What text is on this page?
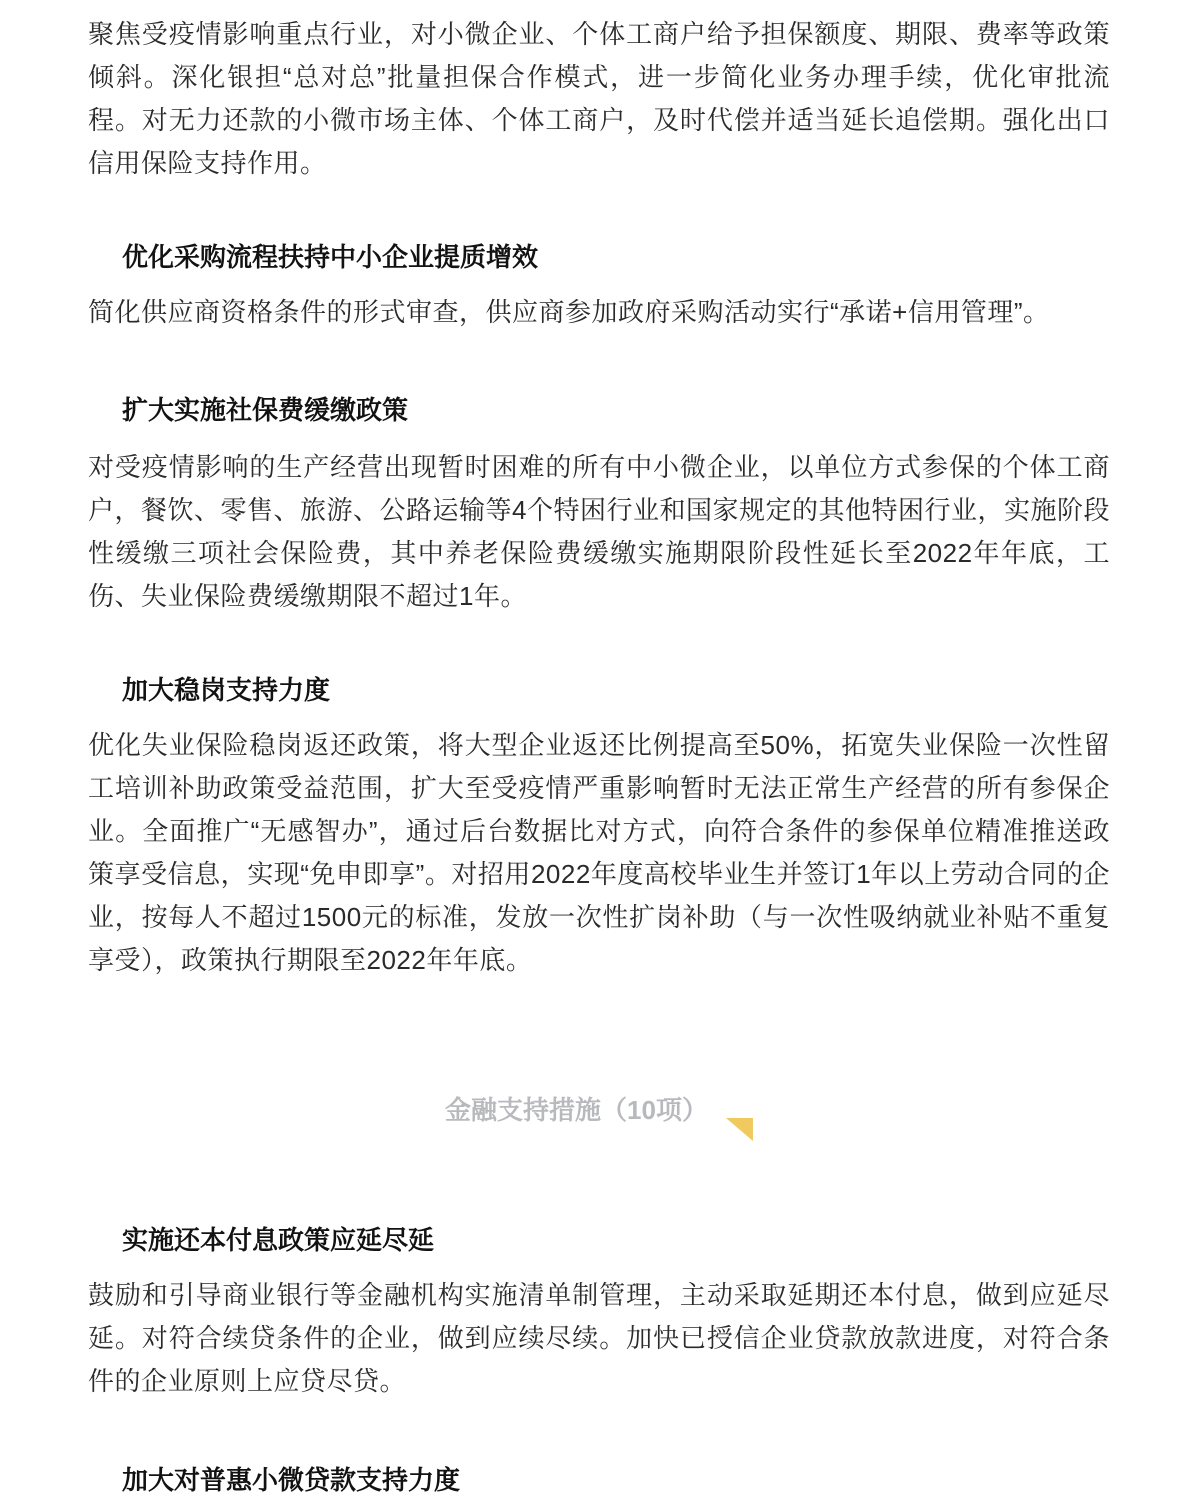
聚焦受疫情影响重点行业，对小微企业、个体工商户给予担保额度、期限、费率等政策倾斜。深化银担“总对总”批量担保合作模式，进一步简化业务办理手续，优化审批流程。对无力还款的小微市场主体、个体工商户，及时代偿并适当延长追偿期。强化出口信用保险支持作用。

优化采购流程扶持中小企业提质增效

简化供应商资格条件的形式审查，供应商参加政府采购活动实行“承诺+信用管理”。

扩大实施社保费缓缴政策

对受疫情影响的生产经营出现暂时困难的所有中小微企业，以单位方式参保的个体工商户，餐饮、零售、旅游、公路运输等4个特困行业和国家规定的其他特困行业，实施阶段性缓缴三项社会保险费，其中养老保险费缓缴实施期限阶段性延长至2022年年底，工伤、失业保险费缓缴期限不超过1年。

加大稳岗支持力度

优化失业保险稳岗返还政策，将大型企业返还比例提高至50%，拓宽失业保险一次性留工培训补助政策受益范围，扩大至受疫情严重影响暂时无法正常生产经营的所有参保企业。全面推广“无感智办”，通过后台数据比对方式，向符合条件的参保单位精准推送政策享受信息，实现“免申即享”。对招用2022年度高校毕业生并签订1年以上劳动合同的企业，按每人不超过1500元的标准，发放一次性扩岗补助（与一次性吸纳就业补贴不重复享受），政策执行期限至2022年年底。

金融支持措施（10项）
实施还本付息政策应延尽延

鼓励和引导商业银行等金融机构实施清单制管理，主动采取延期还本付息，做到应延尽延。对符合续贷条件的企业，做到应续尽续。加快已授信企业贷款放款进度，对符合条件的企业原则上应贷尽贷。

加大对普惠小微贷款支持力度
